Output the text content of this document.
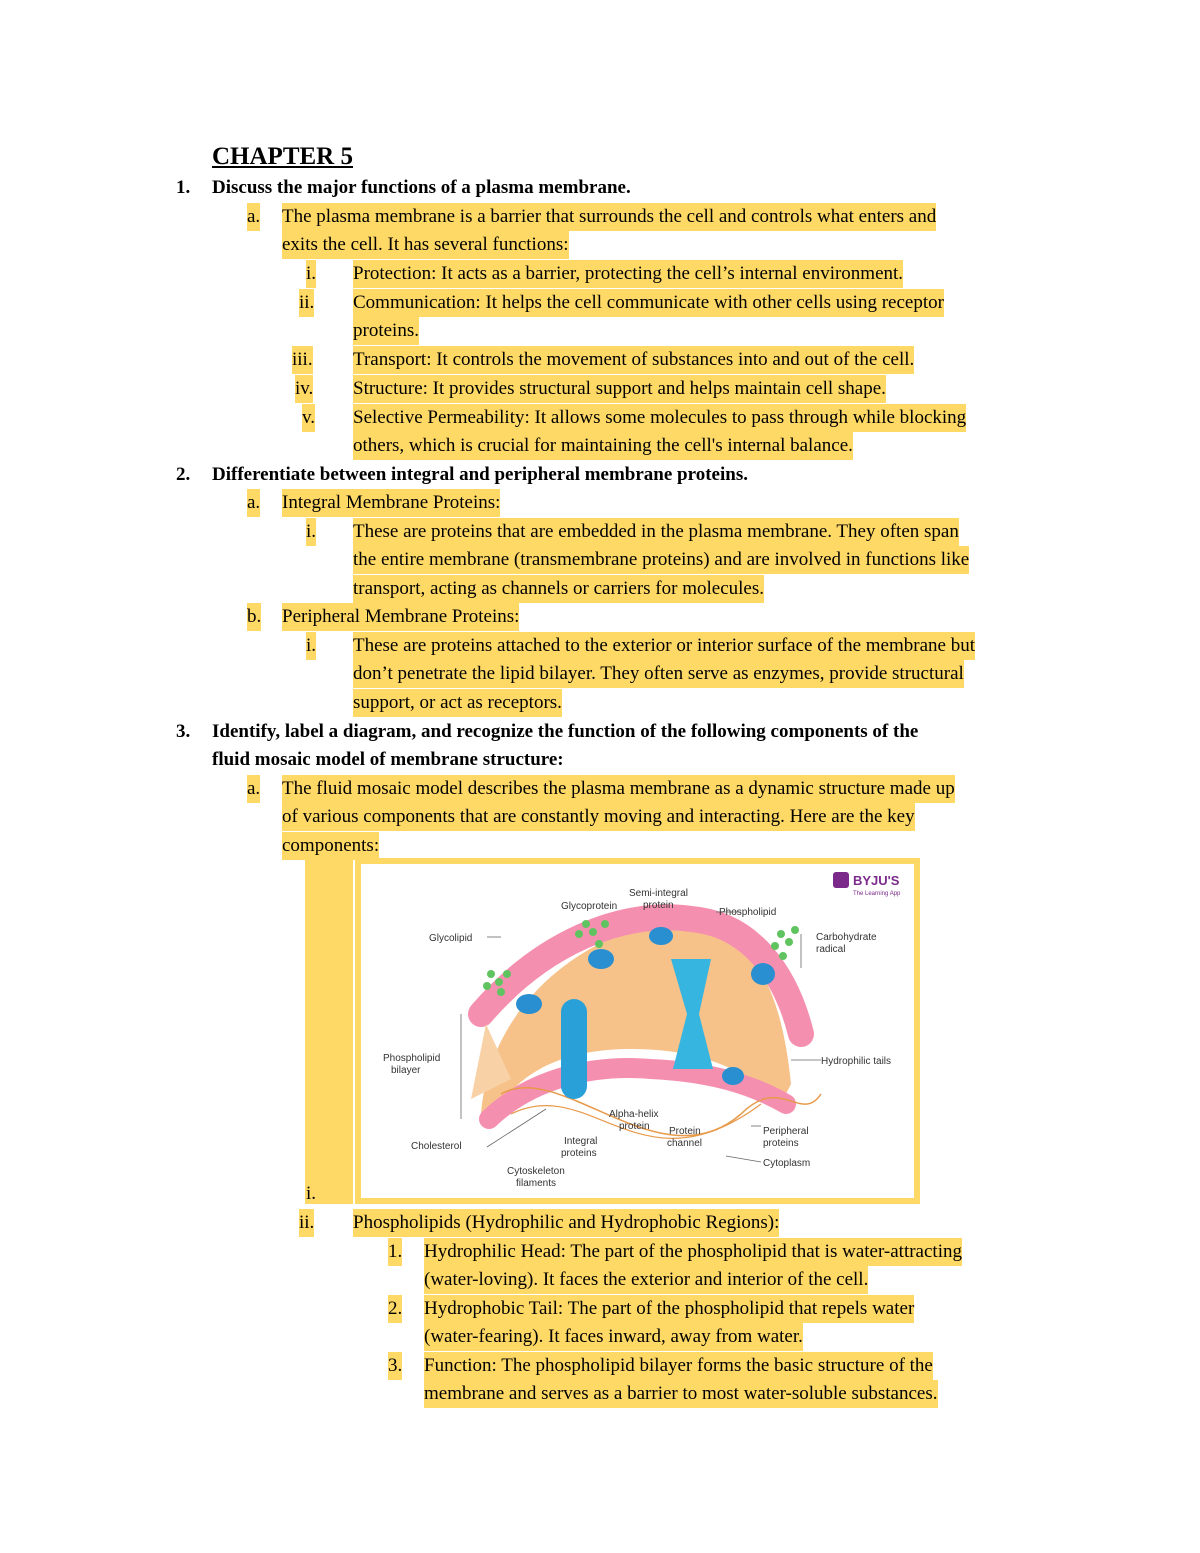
CHAPTER 5
1. Discuss the major functions of a plasma membrane.
a. The plasma membrane is a barrier that surrounds the cell and controls what enters and
exits the cell. It has several functions:
i. Protection: It acts as a barrier, protecting the cell’s internal environment.
ii. Communication: It helps the cell communicate with other cells using receptor
proteins.
iii. Transport: It controls the movement of substances into and out of the cell.
iv. Structure: It provides structural support and helps maintain cell shape.
v. Selective Permeability: It allows some molecules to pass through while blocking
others, which is crucial for maintaining the cell's internal balance.
2. Differentiate between integral and peripheral membrane proteins.
a. Integral Membrane Proteins:
i. These are proteins that are embedded in the plasma membrane. They often span
the entire membrane (transmembrane proteins) and are involved in functions like
transport, acting as channels or carriers for molecules.
b. Peripheral Membrane Proteins:
i. These are proteins attached to the exterior or interior surface of the membrane but
don’t penetrate the lipid bilayer. They often serve as enzymes, provide structural
support, or act as receptors.
3. Identify, label a diagram, and recognize the function of the following components of the
fluid mosaic model of membrane structure:
a. The fluid mosaic model describes the plasma membrane as a dynamic structure made up
of various components that are constantly moving and interacting. Here are the key
components:
BYJU'S
The Learning App
Glycoprotein
Semi-integral
protein
Phospholipid
Carbohydrate
radical
Glycolipid
Phospholipid
bilayer
Hydrophilic tails
Cholesterol
Alpha-helix
protein
Integral
proteins
Protein
channel
Peripheral
proteins
Cytoplasm
Cytoskeleton
filaments
i.
ii. Phospholipids (Hydrophilic and Hydrophobic Regions):
1. Hydrophilic Head: The part of the phospholipid that is water-attracting
(water-loving). It faces the exterior and interior of the cell.
2. Hydrophobic Tail: The part of the phospholipid that repels water
(water-fearing). It faces inward, away from water.
3. Function: The phospholipid bilayer forms the basic structure of the
membrane and serves as a barrier to most water-soluble substances.
